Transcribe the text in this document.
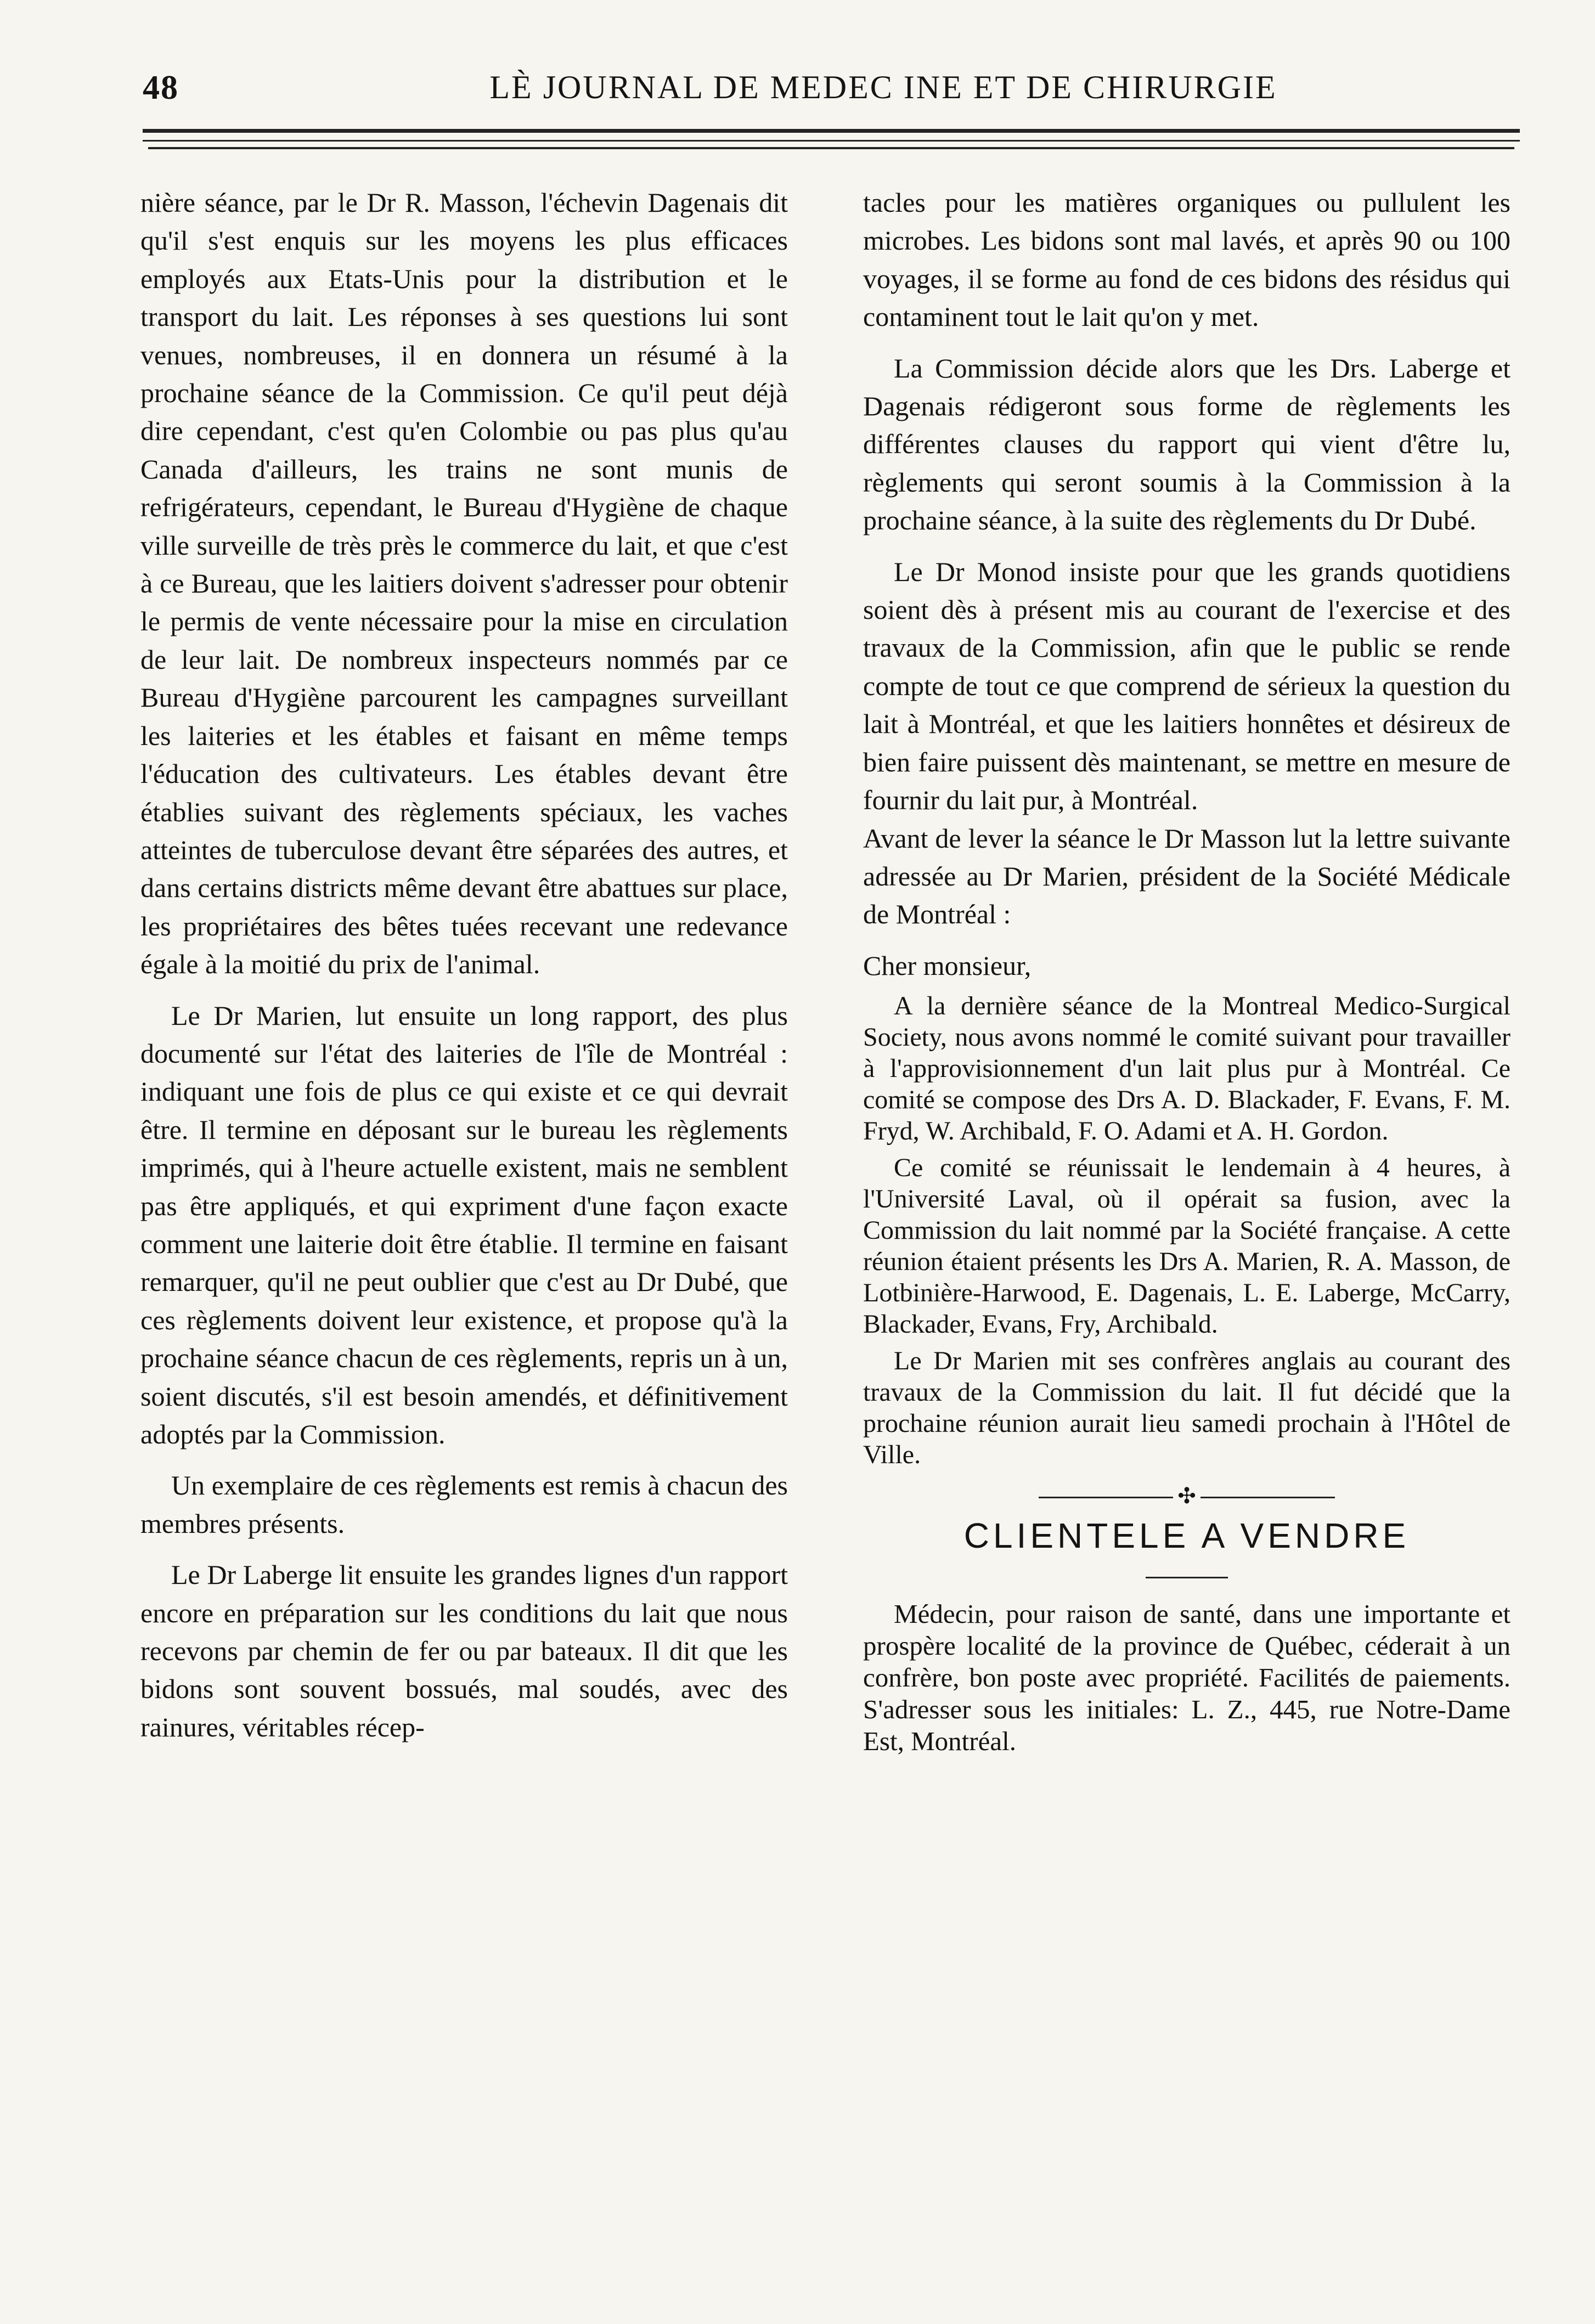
48	LÈ JOURNAL DE MEDEC INE ET DE CHIRURGIE

nière séance, par le Dr R. Masson, l'échevin Dagenais dit qu'il s'est enquis sur les moyens les plus efficaces employés aux Etats-Unis pour la distribution et le transport du lait. Les réponses à ses questions lui sont venues, nombreuses, il en donnera un résumé à la prochaine séance de la Commission. Ce qu'il peut déjà dire cependant, c'est qu'en Colombie ou pas plus qu'au Canada d'ailleurs, les trains ne sont munis de refrigérateurs, cependant, le Bureau d'Hygiène de chaque ville surveille de très près le commerce du lait, et que c'est à ce Bureau, que les laitiers doivent s'adresser pour obtenir le permis de vente nécessaire pour la mise en circulation de leur lait. De nombreux inspecteurs nommés par ce Bureau d'Hygiène parcourent les campagnes surveillant les laiteries et les étables et faisant en même temps l'éducation des cultivateurs. Les étables devant être établies suivant des règlements spéciaux, les vaches atteintes de tuberculose devant être séparées des autres, et dans certains districts même devant être abattues sur place, les propriétaires des bêtes tuées recevant une redevance égale à la moitié du prix de l'animal.

Le Dr Marien, lut ensuite un long rapport, des plus documenté sur l'état des laiteries de l'île de Montréal : indiquant une fois de plus ce qui existe et ce qui devrait être. Il termine en déposant sur le bureau les règlements imprimés, qui à l'heure actuelle existent, mais ne semblent pas être appliqués, et qui expriment d'une façon exacte comment une laiterie doit être établie. Il termine en faisant remarquer, qu'il ne peut oublier que c'est au Dr Dubé, que ces règlements doivent leur existence, et propose qu'à la prochaine séance chacun de ces règlements, repris un à un, soient discutés, s'il est besoin amendés, et définitivement adoptés par la Commission.

Un exemplaire de ces règlements est remis à chacun des membres présents.

Le Dr Laberge lit ensuite les grandes lignes d'un rapport encore en préparation sur les conditions du lait que nous recevons par chemin de fer ou par bateaux. Il dit que les bidons sont souvent bossués, mal soudés, avec des rainures, véritables récep-

tacles pour les matières organiques ou pullulent les microbes. Les bidons sont mal lavés, et après 90 ou 100 voyages, il se forme au fond de ces bidons des résidus qui contaminent tout le lait qu'on y met.

La Commission décide alors que les Drs. Laberge et Dagenais rédigeront sous forme de règlements les différentes clauses du rapport qui vient d'être lu, règlements qui seront soumis à la Commission à la prochaine séance, à la suite des règlements du Dr Dubé.

Le Dr Monod insiste pour que les grands quotidiens soient dès à présent mis au courant de l'exercise et des travaux de la Commission, afin que le public se rende compte de tout ce que comprend de sérieux la question du lait à Montréal, et que les laitiers honnêtes et désireux de bien faire puissent dès maintenant, se mettre en mesure de fournir du lait pur, à Montréal.

Avant de lever la séance le Dr Masson lut la lettre suivante adressée au Dr Marien, président de la Société Médicale de Montréal :

Cher monsieur,

A la dernière séance de la Montreal Medico-Surgical Society, nous avons nommé le comité suivant pour travailler à l'approvisionnement d'un lait plus pur à Montréal. Ce comité se compose des Drs A. D. Blackader, F. Evans, F. M. Fryd, W. Archibald, F. O. Adami et A. H. Gordon.

Ce comité se réunissait le lendemain à 4 heures, à l'Université Laval, où il opérait sa fusion, avec la Commission du lait nommé par la Société française. A cette réunion étaient présents les Drs A. Marien, R. A. Masson, de Lotbinière-Harwood, E. Dagenais, L. E. Laberge, McCarry, Blackader, Evans, Fry, Archibald.

Le Dr Marien mit ses confrères anglais au courant des travaux de la Commission du lait. Il fut décidé que la prochaine réunion aurait lieu samedi prochain à l'Hôtel de Ville.

✣
CLIENTELE A VENDRE

Médecin, pour raison de santé, dans une importante et prospère localité de la province de Québec, céderait à un confrère, bon poste avec propriété. Facilités de paiements. S'adresser sous les initiales: L. Z., 445, rue Notre-Dame Est, Montréal.
